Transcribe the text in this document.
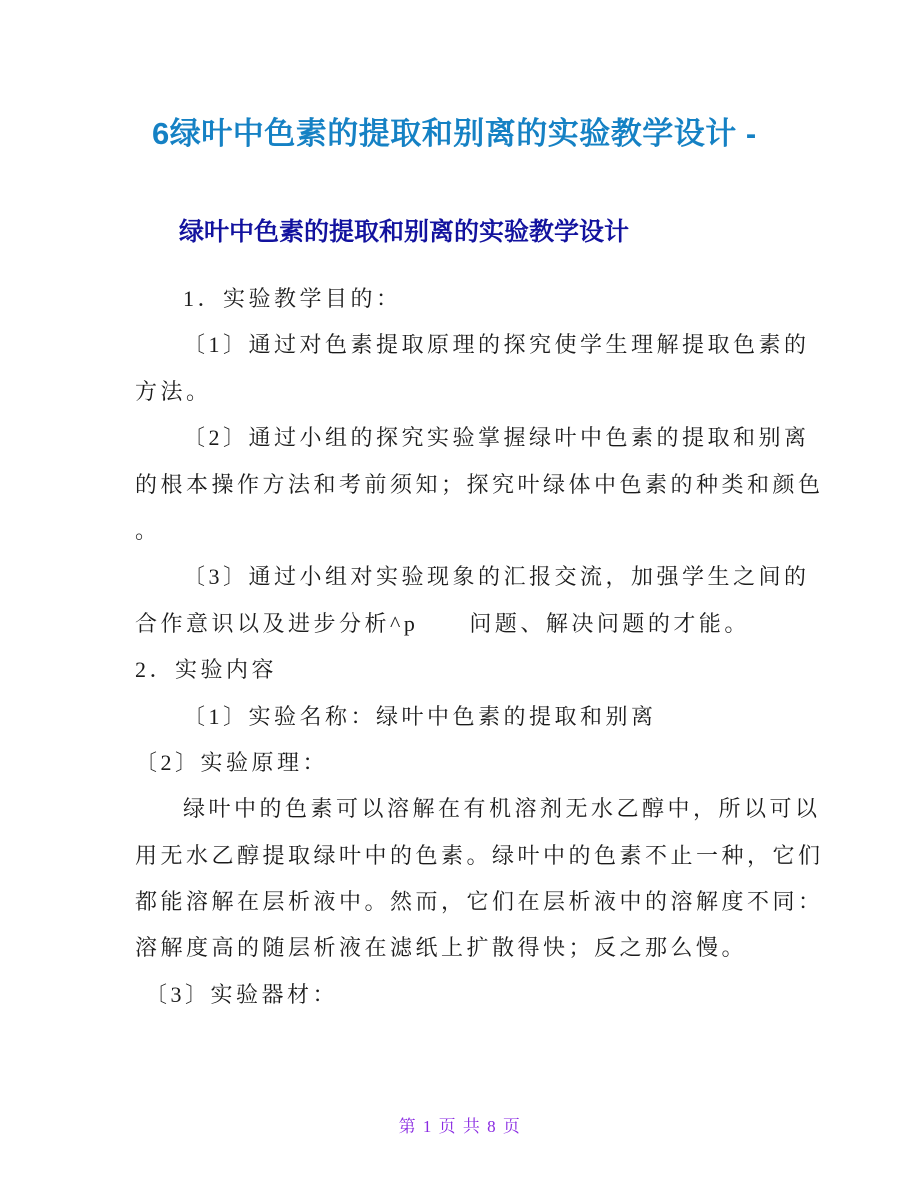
6绿叶中色素的提取和别离的实验教学设计 -
绿叶中色素的提取和别离的实验教学设计
1．实验教学目的：
〔1〕通过对色素提取原理的探究使学生理解提取色素的
方法。
〔2〕通过小组的探究实验掌握绿叶中色素的提取和别离
的根本操作方法和考前须知；探究叶绿体中色素的种类和颜色
。
〔3〕通过小组对实验现象的汇报交流，加强学生之间的
合作意识以及进步分析^p　　问题、解决问题的才能。
2．实验内容
〔1〕实验名称：绿叶中色素的提取和别离
〔2〕实验原理：
绿叶中的色素可以溶解在有机溶剂无水乙醇中，所以可以
用无水乙醇提取绿叶中的色素。绿叶中的色素不止一种，它们
都能溶解在层析液中。然而，它们在层析液中的溶解度不同：
溶解度高的随层析液在滤纸上扩散得快；反之那么慢。
〔3〕实验器材：
第 1 页 共 8 页
